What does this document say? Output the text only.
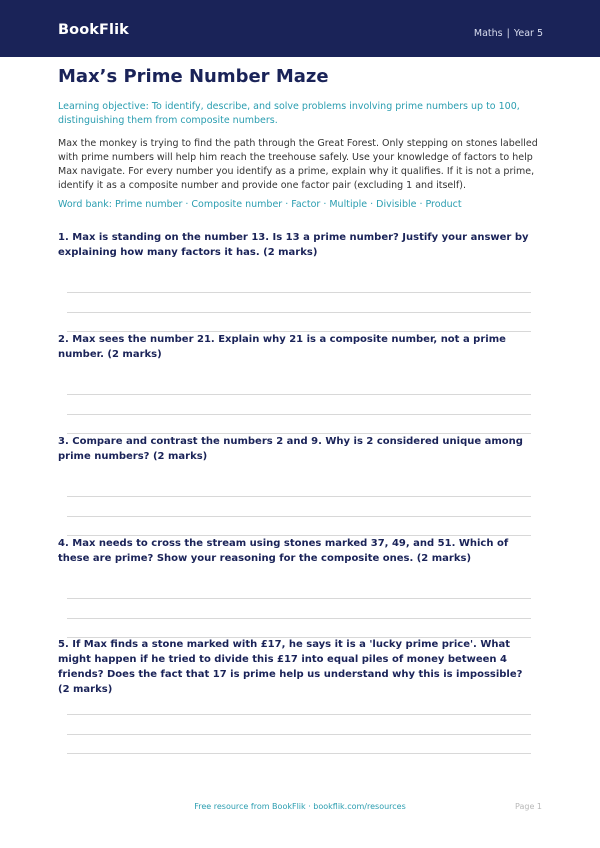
BookFlik	Maths | Year 5
Max’s Prime Number Maze

Learning objective: To identify, describe, and solve problems involving prime numbers up to 100, distinguishing them from composite numbers.

Max the monkey is trying to find the path through the Great Forest. Only stepping on stones labelled with prime numbers will help him reach the treehouse safely. Use your knowledge of factors to help Max navigate. For every number you identify as a prime, explain why it qualifies. If it is not a prime, identify it as a composite number and provide one factor pair (excluding 1 and itself).

Word bank: Prime number · Composite number · Factor · Multiple · Divisible · Product

1. Max is standing on the number 13. Is 13 a prime number? Justify your answer by explaining how many factors it has. (2 marks)

2. Max sees the number 21. Explain why 21 is a composite number, not a prime number. (2 marks)

3. Compare and contrast the numbers 2 and 9. Why is 2 considered unique among prime numbers? (2 marks)

4. Max needs to cross the stream using stones marked 37, 49, and 51. Which of these are prime? Show your reasoning for the composite ones. (2 marks)

5. If Max finds a stone marked with £17, he says it is a 'lucky prime price'. What might happen if he tried to divide this £17 into equal piles of money between 4 friends? Does the fact that 17 is prime help us understand why this is impossible? (2 marks)

Free resource from BookFlik · bookflik.com/resources	Page 1
